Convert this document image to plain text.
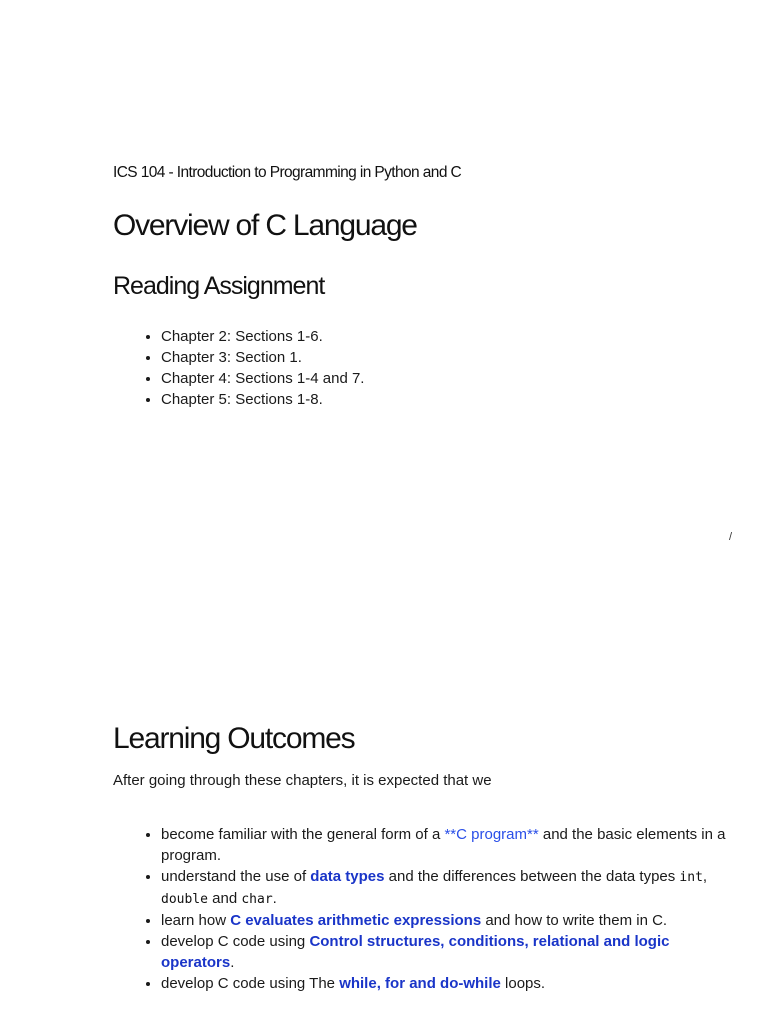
ICS 104 - Introduction to Programming in Python and C

Overview of C Language
Reading Assignment
• Chapter 2: Sections 1-6.
• Chapter 3: Section 1.
• Chapter 4: Sections 1-4 and 7.
• Chapter 5: Sections 1-8.
/
Learning Outcomes

After going through these chapters, it is expected that we

• become familiar with the general form of a **C program** and the basic elements in a program.
• understand the use of data types and the differences between the data types int, double and char.
• learn how C evaluates arithmetic expressions and how to write them in C.
• develop C code using Control structures, conditions, relational and logic operators.
• develop C code using The while, for and do-while loops.
